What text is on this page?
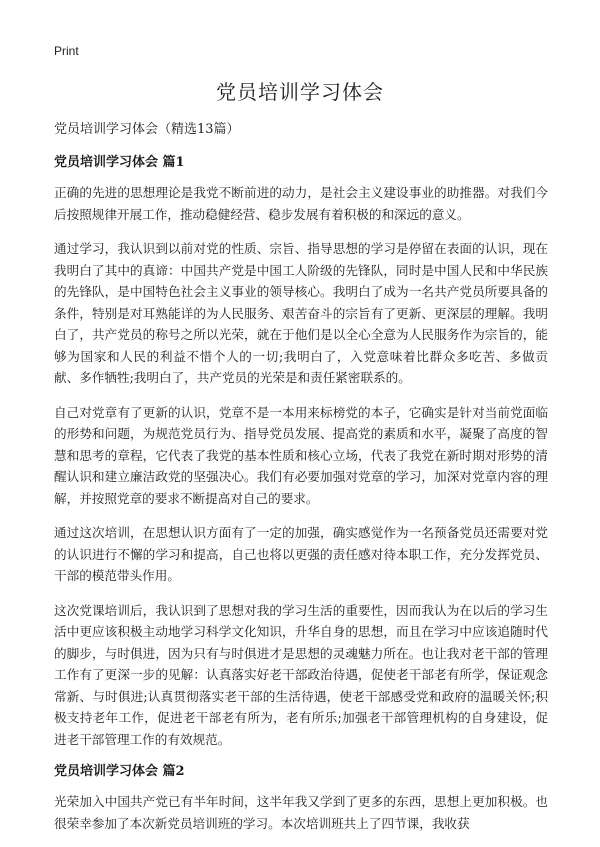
Print
党员培训学习体会

党员培训学习体会（精选13篇）

党员培训学习体会 篇1

正确的先进的思想理论是我党不断前进的动力，是社会主义建设事业的助推器。对我们今后按照规律开展工作，推动稳健经营、稳步发展有着积极的和深远的意义。

通过学习，我认识到以前对党的性质、宗旨、指导思想的学习是停留在表面的认识，现在我明白了其中的真谛：中国共产党是中国工人阶级的先锋队，同时是中国人民和中华民族的先锋队，是中国特色社会主义事业的领导核心。我明白了成为一名共产党员所要具备的条件，特别是对耳熟能详的为人民服务、艰苦奋斗的宗旨有了更新、更深层的理解。我明白了，共产党员的称号之所以光荣，就在于他们是以全心全意为人民服务作为宗旨的，能够为国家和人民的利益不惜个人的一切;我明白了，入党意味着比群众多吃苦、多做贡献、多作牺牲;我明白了，共产党员的光荣是和责任紧密联系的。

自己对党章有了更新的认识，党章不是一本用来标榜党的本子，它确实是针对当前党面临的形势和问题，为规范党员行为、指导党员发展、提高党的素质和水平，凝聚了高度的智慧和思考的章程，它代表了我党的基本性质和核心立场，代表了我党在新时期对形势的清醒认识和建立廉洁政党的坚强决心。我们有必要加强对党章的学习，加深对党章内容的理解，并按照党章的要求不断提高对自己的要求。

通过这次培训，在思想认识方面有了一定的加强，确实感觉作为一名预备党员还需要对党的认识进行不懈的学习和提高，自己也将以更强的责任感对待本职工作，充分发挥党员、干部的模范带头作用。

这次党课培训后，我认识到了思想对我的学习生活的重要性，因而我认为在以后的学习生活中更应该积极主动地学习科学文化知识，升华自身的思想，而且在学习中应该追随时代的脚步，与时俱进，因为只有与时俱进才是思想的灵魂魅力所在。也让我对老干部的管理工作有了更深一步的见解：认真落实好老干部政治待遇，促使老干部老有所学，保证观念常新、与时俱进;认真贯彻落实老干部的生活待遇，使老干部感受党和政府的温暖关怀;积极支持老年工作，促进老干部老有所为，老有所乐;加强老干部管理机构的自身建设，促进老干部管理工作的有效规范。

党员培训学习体会 篇2

光荣加入中国共产党已有半年时间，这半年我又学到了更多的东西，思想上更加积极。也很荣幸参加了本次新党员培训班的学习。本次培训班共上了四节课，我收获
